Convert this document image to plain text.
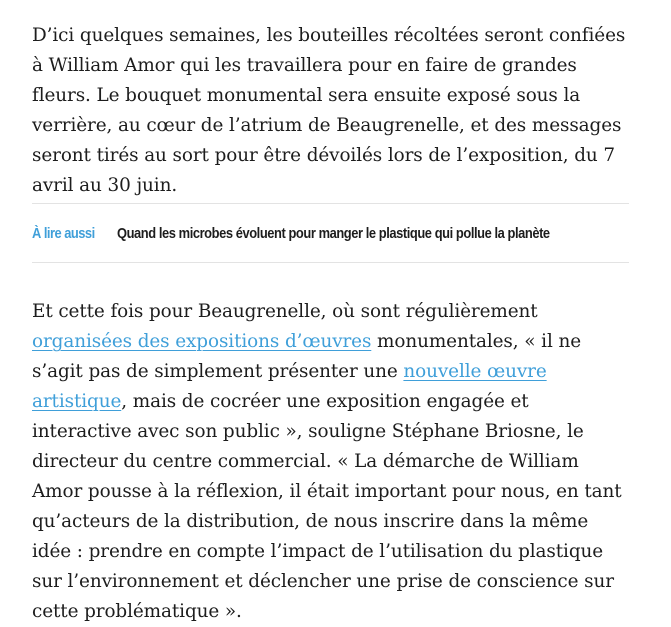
D’ici quelques semaines, les bouteilles récoltées seront confiées à William Amor qui les travaillera pour en faire de grandes fleurs. Le bouquet monumental sera ensuite exposé sous la verrière, au cœur de l’atrium de Beaugrenelle, et des messages seront tirés au sort pour être dévoilés lors de l’exposition, du 7 avril au 30 juin.

À lire aussi Quand les microbes évoluent pour manger le plastique qui pollue la planète

Et cette fois pour Beaugrenelle, où sont régulièrement organisées des expositions d’œuvres monumentales, « il ne s’agit pas de simplement présenter une nouvelle œuvre artistique, mais de cocréer une exposition engagée et interactive avec son public », souligne Stéphane Briosne, le directeur du centre commercial. « La démarche de William Amor pousse à la réflexion, il était important pour nous, en tant qu’acteurs de la distribution, de nous inscrire dans la même idée : prendre en compte l’impact de l’utilisation du plastique sur l’environnement et déclencher une prise de conscience sur cette problématique ».
